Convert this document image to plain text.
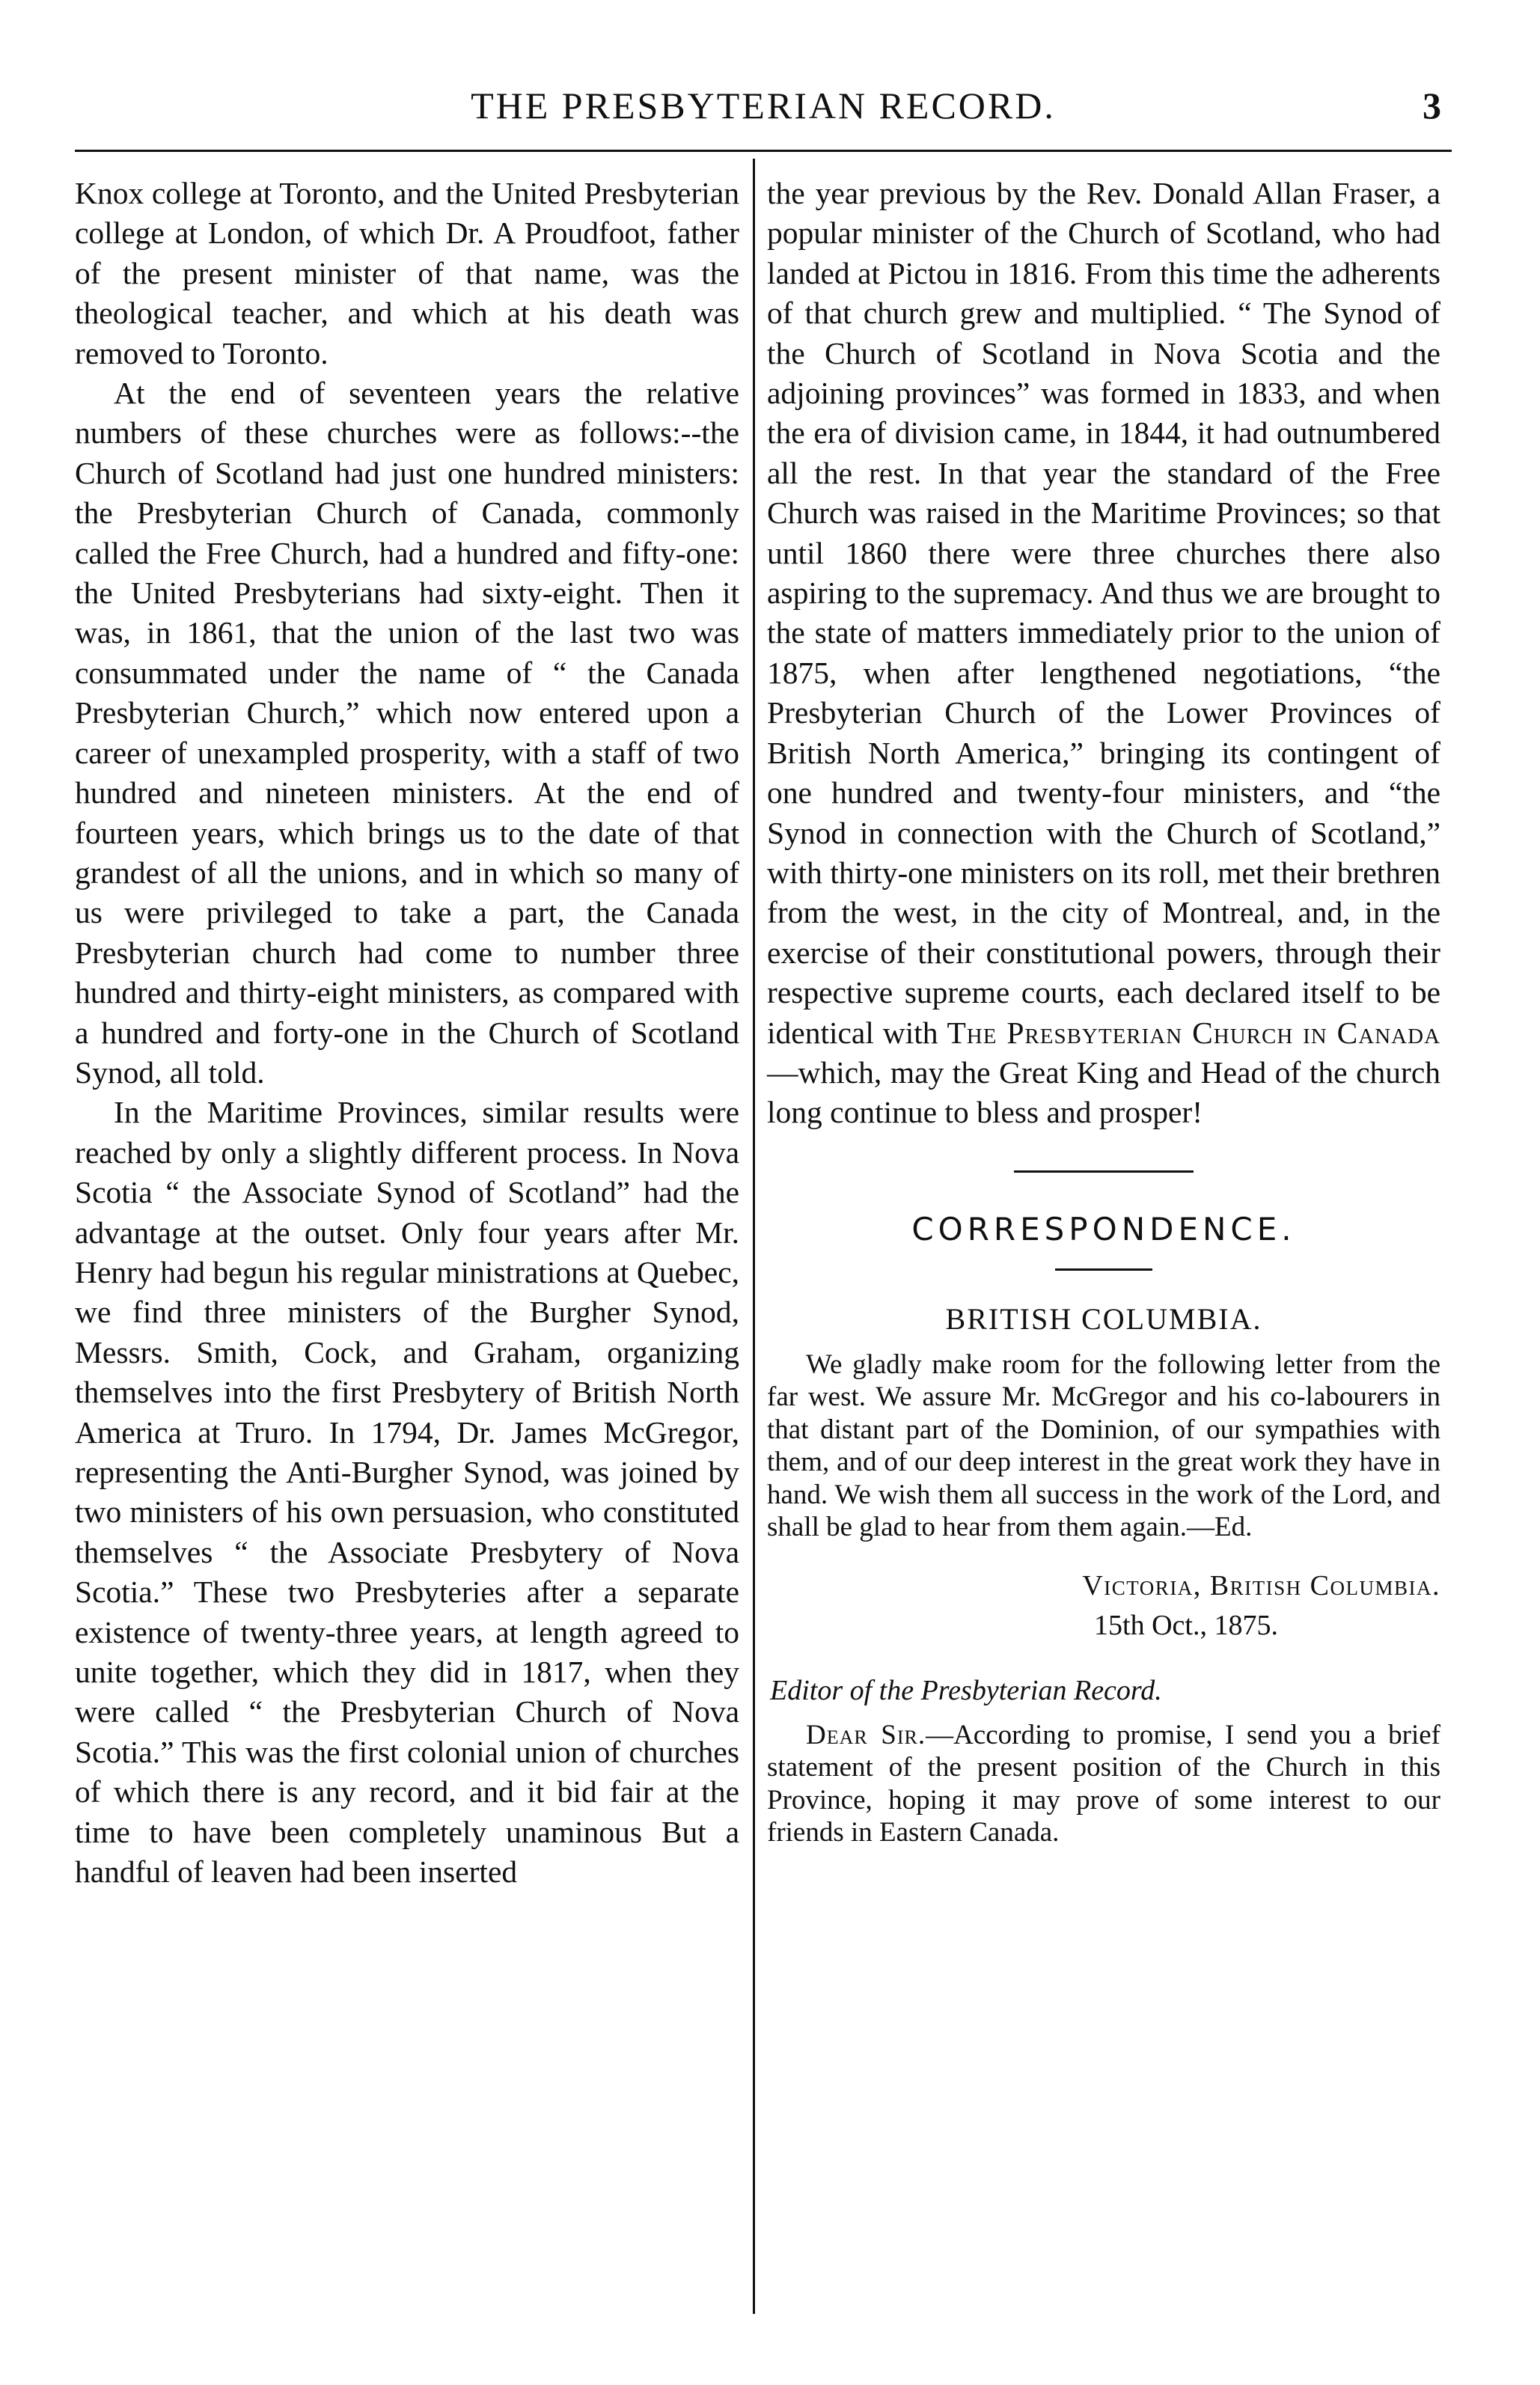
THE PRESBYTERIAN RECORD.	3

Knox college at Toronto, and the United Presbyterian college at London, of which Dr. A Proudfoot, father of the present minister of that name, was the theological teacher, and which at his death was removed to Toronto.

At the end of seventeen years the relative numbers of these churches were as follows:--the Church of Scotland had just one hundred ministers: the Presbyterian Church of Canada, commonly called the Free Church, had a hundred and fifty-one: the United Presbyterians had sixty-eight. Then it was, in 1861, that the union of the last two was consummated under the name of “ the Canada Presbyterian Church,” which now entered upon a career of unexampled prosperity, with a staff of two hundred and nineteen ministers. At the end of fourteen years, which brings us to the date of that grandest of all the unions, and in which so many of us were privileged to take a part, the Canada Presbyterian church had come to number three hundred and thirty-eight ministers, as compared with a hundred and forty-one in the Church of Scotland Synod, all told.

In the Maritime Provinces, similar results were reached by only a slightly different process. In Nova Scotia “ the Associate Synod of Scotland” had the advantage at the outset. Only four years after Mr. Henry had begun his regular ministrations at Quebec, we find three ministers of the Burgher Synod, Messrs. Smith, Cock, and Graham, organizing themselves into the first Presbytery of British North America at Truro. In 1794, Dr. James McGregor, representing the Anti-Burgher Synod, was joined by two ministers of his own persuasion, who constituted themselves “ the Associate Presbytery of Nova Scotia.” These two Presbyteries after a separate existence of twenty-three years, at length agreed to unite together, which they did in 1817, when they were called “ the Presbyterian Church of Nova Scotia.” This was the first colonial union of churches of which there is any record, and it bid fair at the time to have been completely unaminous But a handful of leaven had been inserted

the year previous by the Rev. Donald Allan Fraser, a popular minister of the Church of Scotland, who had landed at Pictou in 1816. From this time the adherents of that church grew and multiplied. “ The Synod of the Church of Scotland in Nova Scotia and the adjoining provinces” was formed in 1833, and when the era of division came, in 1844, it had outnumbered all the rest. In that year the standard of the Free Church was raised in the Maritime Provinces; so that until 1860 there were three churches there also aspiring to the supremacy. And thus we are brought to the state of matters immediately prior to the union of 1875, when after lengthened negotiations, “the Presbyterian Church of the Lower Provinces of British North America,” bringing its contingent of one hundred and twenty-four ministers, and “the Synod in connection with the Church of Scotland,” with thirty-one ministers on its roll, met their brethren from the west, in the city of Montreal, and, in the exercise of their constitutional powers, through their respective supreme courts, each declared itself to be identical with The Presbyterian Church in Canada—which, may the Great King and Head of the church long continue to bless and prosper!

CORRESPONDENCE.
BRITISH COLUMBIA.

We gladly make room for the following letter from the far west. We assure Mr. McGregor and his co-labourers in that distant part of the Dominion, of our sympathies with them, and of our deep interest in the great work they have in hand. We wish them all success in the work of the Lord, and shall be glad to hear from them again.—Ed.

Victoria, British Columbia.
15th Oct., 1875.
Editor of the Presbyterian Record.

Dear Sir.—According to promise, I send you a brief statement of the present position of the Church in this Province, hoping it may prove of some interest to our friends in Eastern Canada.
